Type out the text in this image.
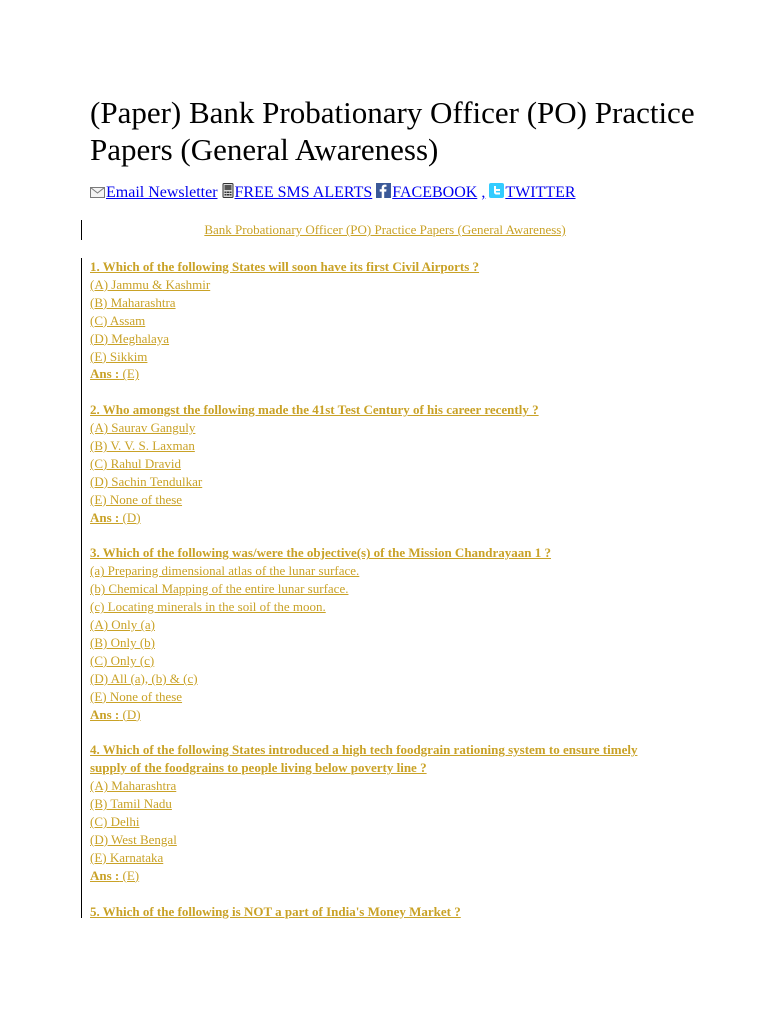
(Paper) Bank Probationary Officer (PO) Practice Papers (General Awareness)
Email Newsletter FREE SMS ALERTS FACEBOOK , TWITTER
Bank Probationary Officer (PO) Practice Papers (General Awareness)
1. Which of the following States will soon have its first Civil Airports ?
(A) Jammu & Kashmir
(B) Maharashtra
(C) Assam
(D) Meghalaya
(E) Sikkim
Ans : (E)
2. Who amongst the following made the 41st Test Century of his career recently ?
(A) Saurav Ganguly
(B) V. V. S. Laxman
(C) Rahul Dravid
(D) Sachin Tendulkar
(E) None of these
Ans : (D)
3. Which of the following was/were the objective(s) of the Mission Chandrayaan 1 ?
(a) Preparing dimensional atlas of the lunar surface.
(b) Chemical Mapping of the entire lunar surface.
(c) Locating minerals in the soil of the moon.
(A) Only (a)
(B) Only (b)
(C) Only (c)
(D) All (a), (b) & (c)
(E) None of these
Ans : (D)
4. Which of the following States introduced a high tech foodgrain rationing system to ensure timely supply of the foodgrains to people living below poverty line ?
(A) Maharashtra
(B) Tamil Nadu
(C) Delhi
(D) West Bengal
(E) Karnataka
Ans : (E)
5. Which of the following is NOT a part of India's Money Market ?
